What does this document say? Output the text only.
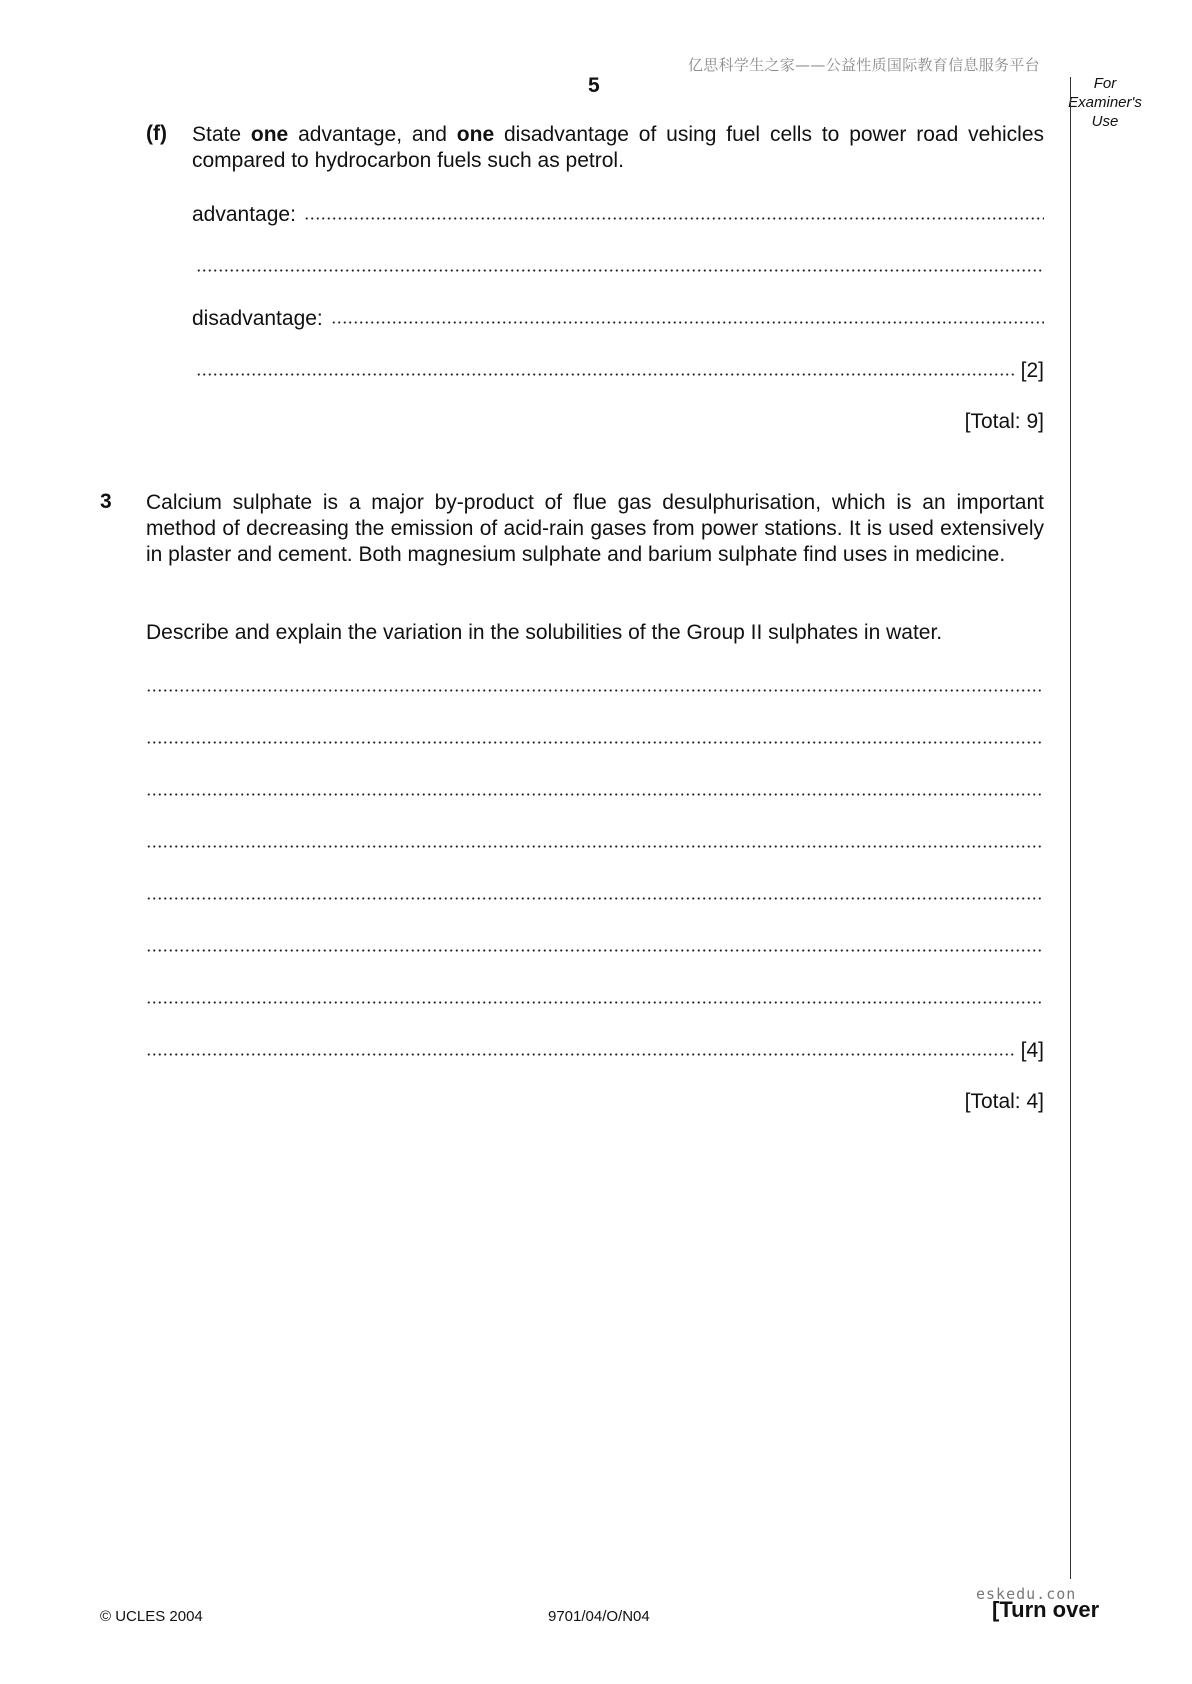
亿思科学生之家——公益性质国际教育信息服务平台
5	For
Examiner's
Use
(f) State one advantage, and one disadvantage of using fuel cells to power road vehicles compared to hydrocarbon fuels such as petrol.
advantage:
disadvantage:
[2]
[Total: 9]
3 Calcium sulphate is a major by-product of flue gas desulphurisation, which is an important method of decreasing the emission of acid-rain gases from power stations. It is used extensively in plaster and cement. Both magnesium sulphate and barium sulphate find uses in medicine.
Describe and explain the variation in the solubilities of the Group II sulphates in water.
[4]
[Total: 4]
© UCLES 2004	9701/04/O/N04
eskedu.con
[Turn over
